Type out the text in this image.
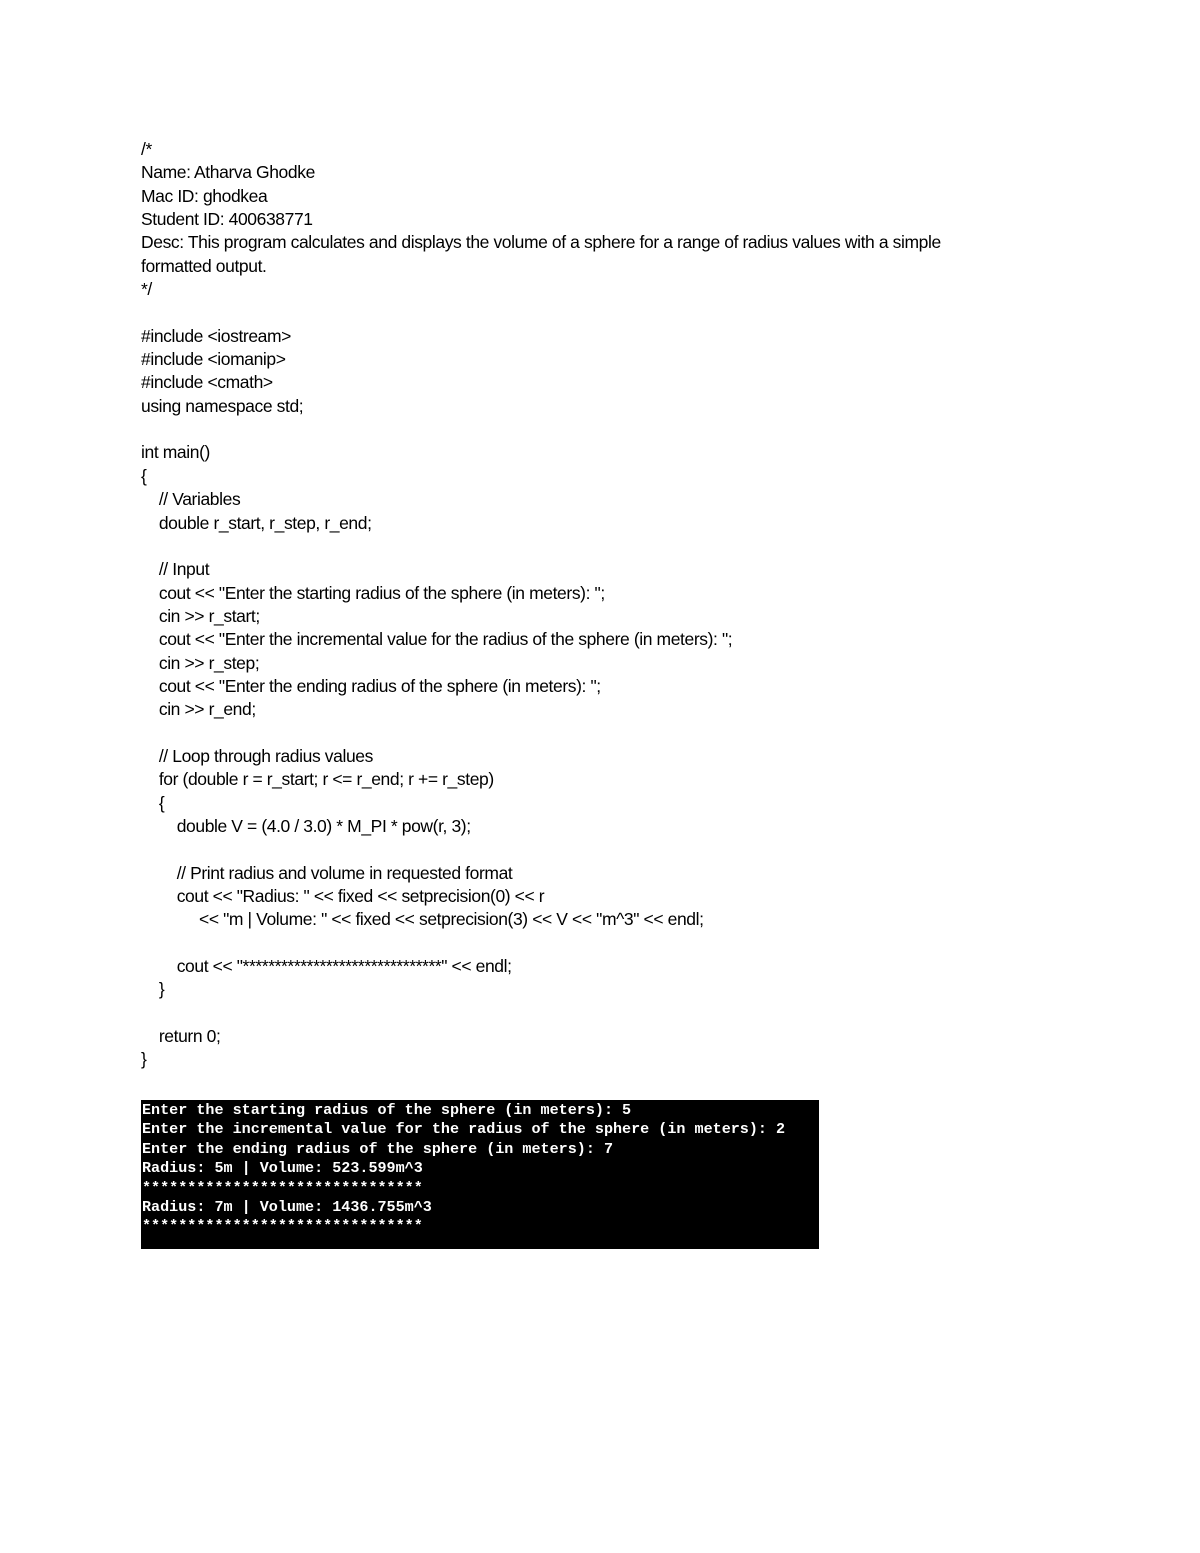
/*
Name: Atharva Ghodke
Mac ID: ghodkea
Student ID: 400638771
Desc: This program calculates and displays the volume of a sphere for a range of radius values with a simple
formatted output.
*/
#include <iostream>
#include <iomanip>
#include <cmath>
using namespace std;
int main()
{
// Variables
double r_start, r_step, r_end;
// Input
cout << "Enter the starting radius of the sphere (in meters): ";
cin >> r_start;
cout << "Enter the incremental value for the radius of the sphere (in meters): ";
cin >> r_step;
cout << "Enter the ending radius of the sphere (in meters): ";
cin >> r_end;
// Loop through radius values
for (double r = r_start; r <= r_end; r += r_step)
{
double V = (4.0 / 3.0) * M_PI * pow(r, 3);
// Print radius and volume in requested format
cout << "Radius: " << fixed << setprecision(0) << r
<< "m | Volume: " << fixed << setprecision(3) << V << "m^3" << endl;
cout << "*******************************" << endl;
}
return 0;
}
Enter the starting radius of the sphere (in meters): 5
Enter the incremental value for the radius of the sphere (in meters): 2
Enter the ending radius of the sphere (in meters): 7
Radius: 5m | Volume: 523.599m^3
*******************************
Radius: 7m | Volume: 1436.755m^3
*******************************
